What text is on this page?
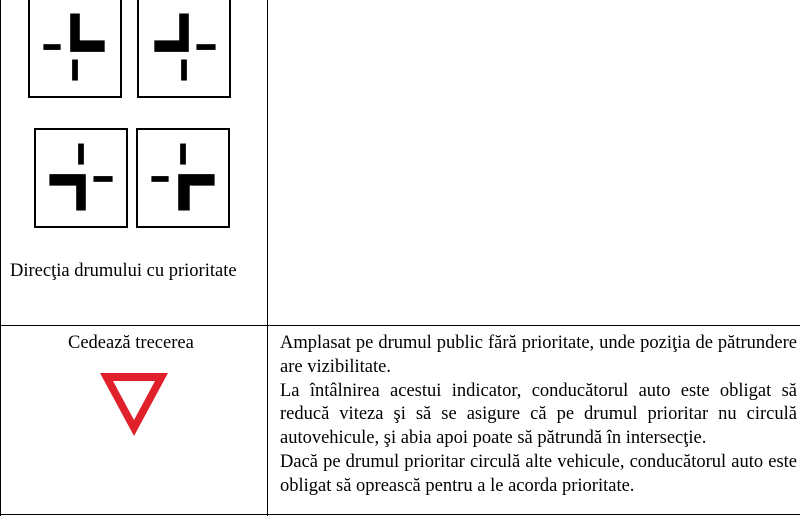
Direcţia drumului cu prioritate
Cedează trecerea	Amplasat pe drumul public fără prioritate, unde poziţia de pătrundere are vizibilitate.

La întâlnirea acestui indicator, conducătorul auto este obligat să reducă viteza şi să se asigure că pe drumul prioritar nu circulă autovehicule, şi abia apoi poate să pătrundă în intersecţie.

Dacă pe drumul prioritar circulă alte vehicule, conducătorul auto este obligat să oprească pentru a le acorda prioritate.
